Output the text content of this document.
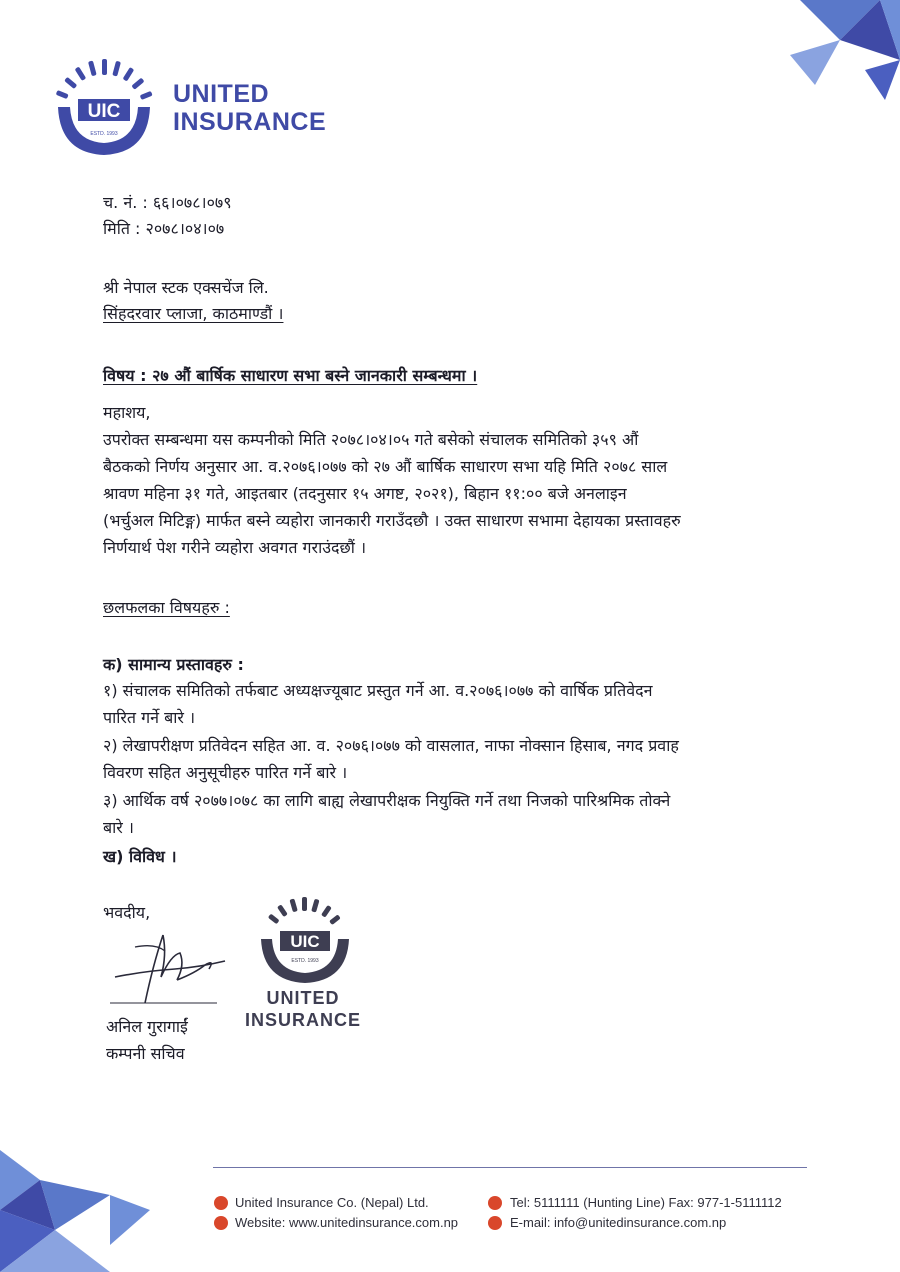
UIC
ESTD. 1993
UNITED
INSURANCE
च. नं. : ६६।०७८।०७९
मिति : २०७८।०४।०७
श्री नेपाल स्टक एक्सचेंज लि.
सिंहदरवार प्लाजा, काठमाण्डौं ।
विषय : २७ औं बार्षिक साधारण सभा बस्ने जानकारी सम्बन्धमा ।
महाशय,
उपरोक्त सम्बन्धमा यस कम्पनीको मिति २०७८।०४।०५ गते बसेको संचालक समितिको ३५९ औं
बैठकको निर्णय अनुसार आ. व.२०७६।०७७ को २७ औं बार्षिक साधारण सभा यहि मिति २०७८ साल
श्रावण महिना ३१ गते, आइतबार (तदनुसार १५ अगष्ट, २०२१), बिहान ११:०० बजे अनलाइन
(भर्चुअल मिटिङ्ग) मार्फत बस्ने व्यहोरा जानकारी गराउँदछौ । उक्त साधारण सभामा देहायका प्रस्तावहरु
निर्णयार्थ पेश गरीने व्यहोरा अवगत गराउंदछौं ।
छलफलका विषयहरु :
क) सामान्य प्रस्तावहरु :
१) संचालक समितिको तर्फबाट अध्यक्षज्यूबाट प्रस्तुत गर्ने आ. व.२०७६।०७७ को वार्षिक प्रतिवेदन
पारित गर्ने बारे ।
२) लेखापरीक्षण प्रतिवेदन सहित आ. व. २०७६।०७७ को वासलात, नाफा नोक्सान हिसाब, नगद प्रवाह
विवरण सहित अनुसूचीहरु पारित गर्ने बारे ।
३) आर्थिक वर्ष २०७७।०७८ का लागि बाह्य लेखापरीक्षक नियुक्ति गर्ने तथा निजको पारिश्रमिक तोक्ने
बारे ।
ख) विविध ।
भवदीय,
अनिल गुरागाईं
कम्पनी सचिव
UIC
ESTD. 1993
UNITED
INSURANCE
United Insurance Co. (Nepal) Ltd.
Website: www.unitedinsurance.com.np
Tel: 5111111 (Hunting Line) Fax: 977-1-5111112
E-mail: info@unitedinsurance.com.np
